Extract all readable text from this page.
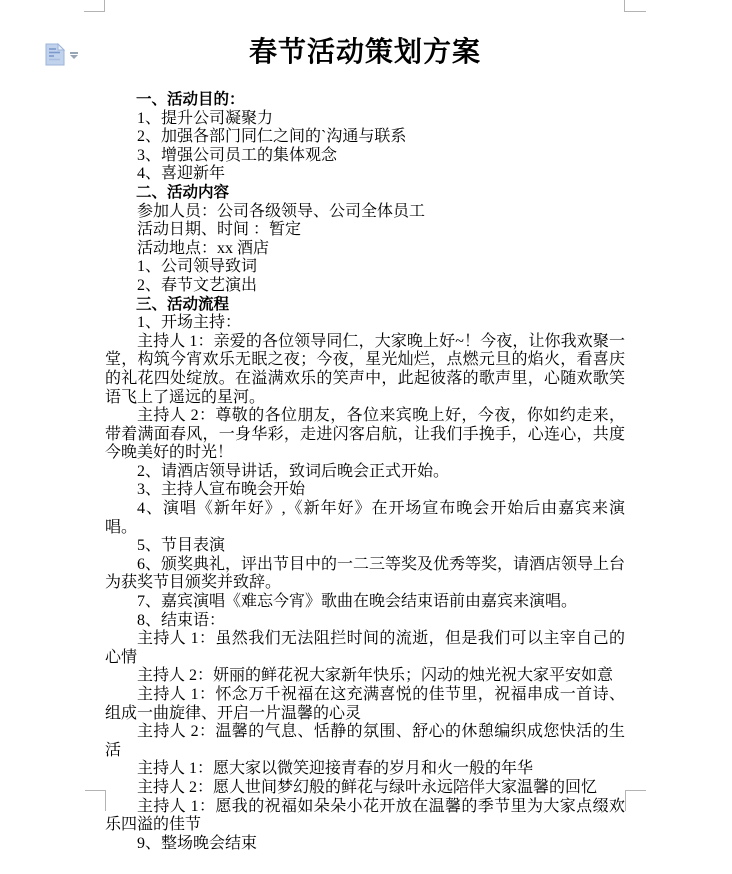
春节活动策划方案

一、活动目的：

1、提升公司凝聚力

2、加强各部门同仁之间的`沟通与联系

3、增强公司员工的集体观念

4、喜迎新年

二、活动内容

参加人员：公司各级领导、公司全体员工

活动日期、时间 ：暂定

活动地点：xx 酒店

1、公司领导致词

2、春节文艺演出

三、活动流程

1、开场主持：

主持人 1：亲爱的各位领导同仁，大家晚上好~！今夜，让你我欢聚一堂，构筑今宵欢乐无眠之夜；今夜，星光灿烂，点燃元旦的焰火，看喜庆的礼花四处绽放。在溢满欢乐的笑声中，此起彼落的歌声里，心随欢歌笑语飞上了遥远的星河。

主持人 2：尊敬的各位朋友，各位来宾晚上好，今夜，你如约走来，带着满面春风，一身华彩，走进闪客启航，让我们手挽手，心连心，共度今晚美好的时光！

2、请酒店领导讲话，致词后晚会正式开始。

3、主持人宣布晚会开始

4、演唱《新年好》,《新年好》在开场宣布晚会开始后由嘉宾来演唱。

5、节目表演

6、颁奖典礼，评出节目中的一二三等奖及优秀等奖，请酒店领导上台为获奖节目颁奖并致辞。

7、嘉宾演唱《难忘今宵》歌曲在晚会结束语前由嘉宾来演唱。

8、结束语：

主持人 1：虽然我们无法阻拦时间的流逝，但是我们可以主宰自己的心情

主持人 2：妍丽的鲜花祝大家新年快乐；闪动的烛光祝大家平安如意

主持人 1：怀念万千祝福在这充满喜悦的佳节里，祝福串成一首诗、组成一曲旋律、开启一片温馨的心灵

主持人 2：温馨的气息、恬静的氛围、舒心的休憩编织成您快活的生活

主持人 1：愿大家以微笑迎接青春的岁月和火一般的年华

主持人 2：愿人世间梦幻般的鲜花与绿叶永远陪伴大家温馨的回忆

主持人 1：愿我的祝福如朵朵小花开放在温馨的季节里为大家点缀欢乐四溢的佳节

9、整场晚会结束
